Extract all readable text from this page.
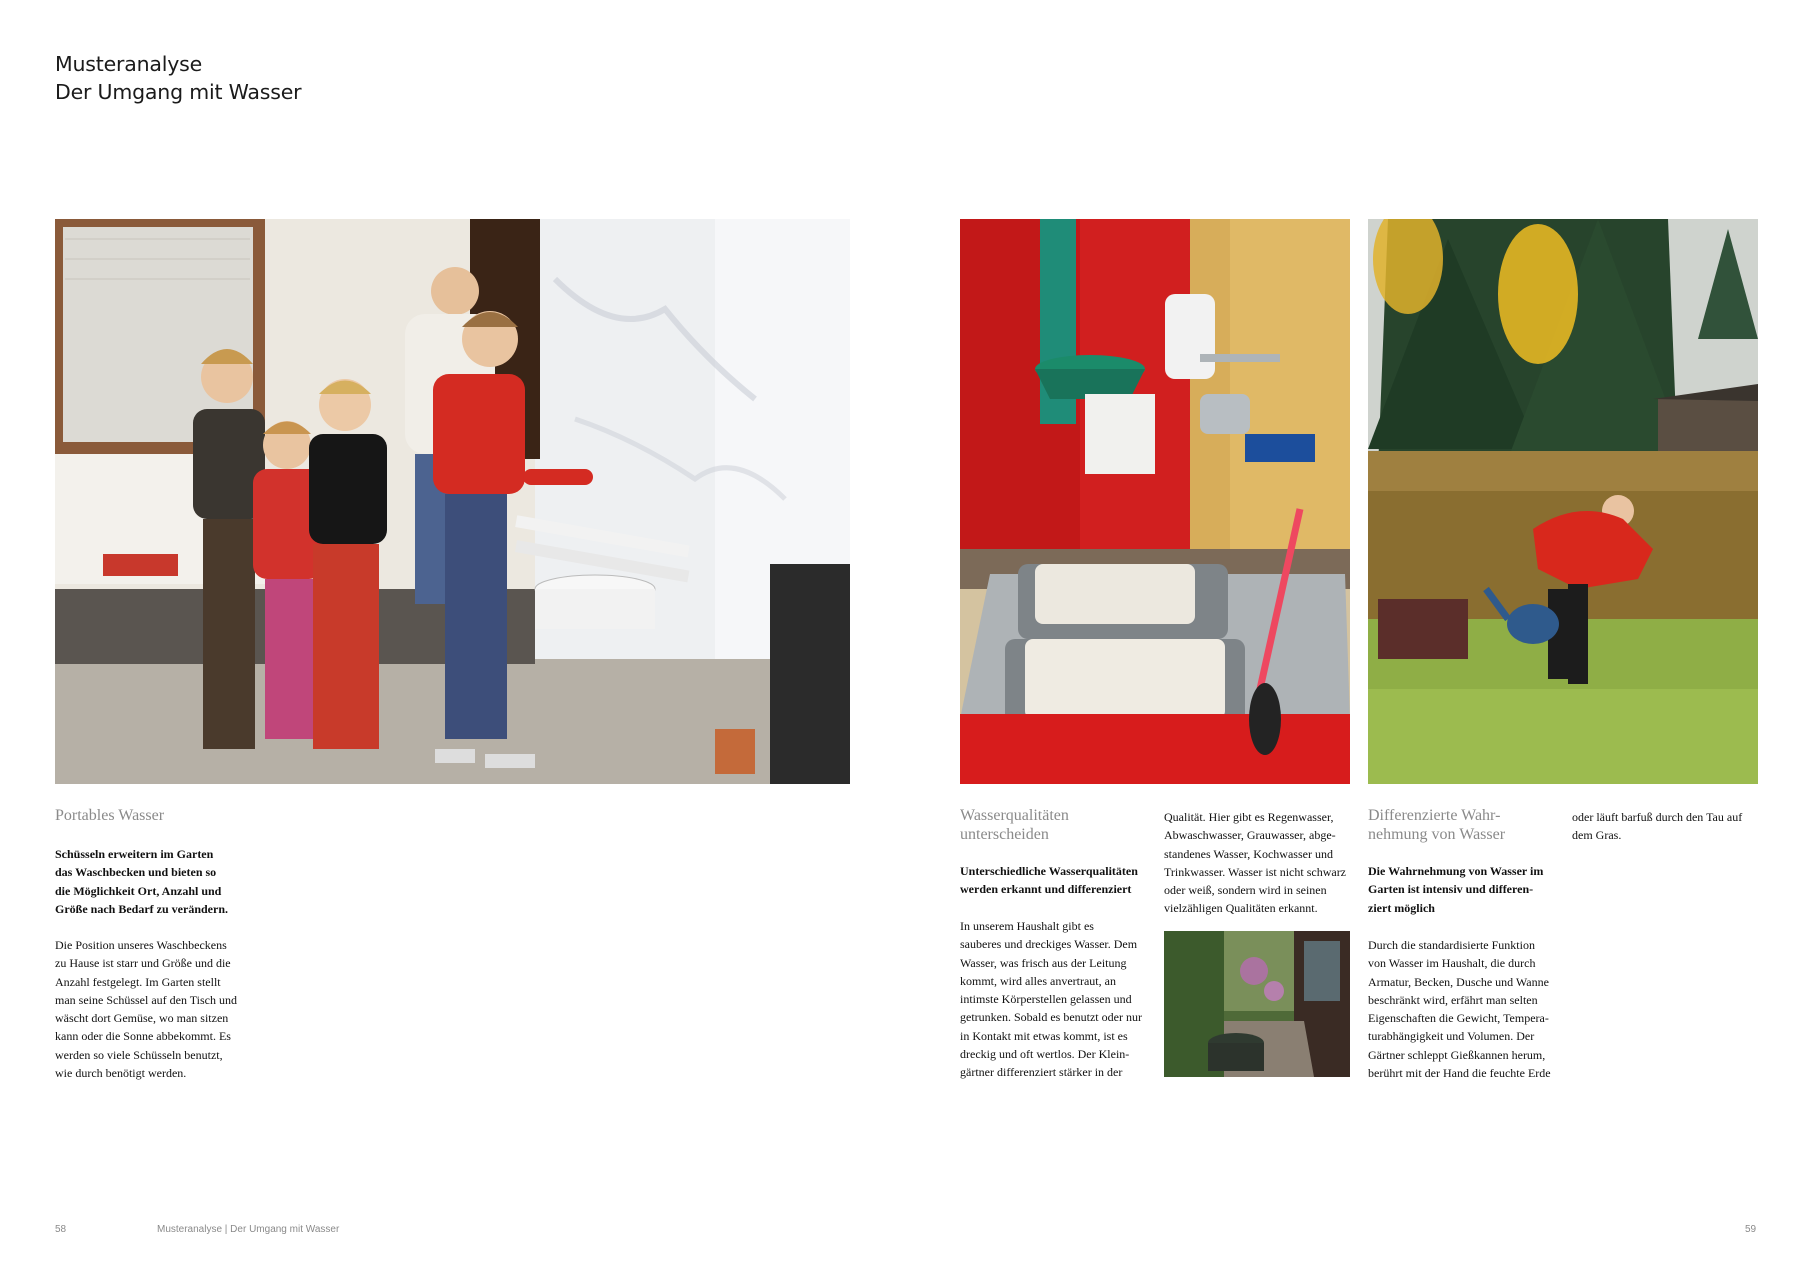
Musteranalyse
Der Umgang mit Wasser
Portables Wasser
Schüsseln erweitern im Garten
das Waschbecken und bieten so
die Möglichkeit Ort, Anzahl und
Größe nach Bedarf zu verändern.
Die Position unseres Waschbeckens
zu Hause ist starr und Größe und die
Anzahl festgelegt. Im Garten stellt
man seine Schüssel auf den Tisch und
wäscht dort Gemüse, wo man sitzen
kann oder die Sonne abbekommt. Es
werden so viele Schüsseln benutzt,
wie durch benötigt werden.
Wasserqualitäten
unterscheiden
Unterschiedliche Wasserqualitäten
werden erkannt und differenziert
In unserem Haushalt gibt es
sauberes und dreckiges Wasser. Dem
Wasser, was frisch aus der Leitung
kommt, wird alles anvertraut, an
intimste Körperstellen gelassen und
getrunken. Sobald es benutzt oder nur
in Kontakt mit etwas kommt, ist es
dreckig und oft wertlos. Der Klein-
gärtner differenziert stärker in der
Qualität. Hier gibt es Regenwasser,
Abwaschwasser, Grauwasser, abge-
standenes Wasser, Kochwasser und
Trinkwasser. Wasser ist nicht schwarz
oder weiß, sondern wird in seinen
vielzähligen Qualitäten erkannt.
Differenzierte Wahr-
nehmung von Wasser
Die Wahrnehmung von Wasser im
Garten ist intensiv und differen-
ziert möglich
Durch die standardisierte Funktion
von Wasser im Haushalt, die durch
Armatur, Becken, Dusche und Wanne
beschränkt wird, erfährt man selten
Eigenschaften die Gewicht, Tempera-
turabhängigkeit und Volumen. Der
Gärtner schleppt Gießkannen herum,
berührt mit der Hand die feuchte Erde
oder läuft barfuß durch den Tau auf
dem Gras.
58	Musteranalyse | Der Umgang mit Wasser	59
